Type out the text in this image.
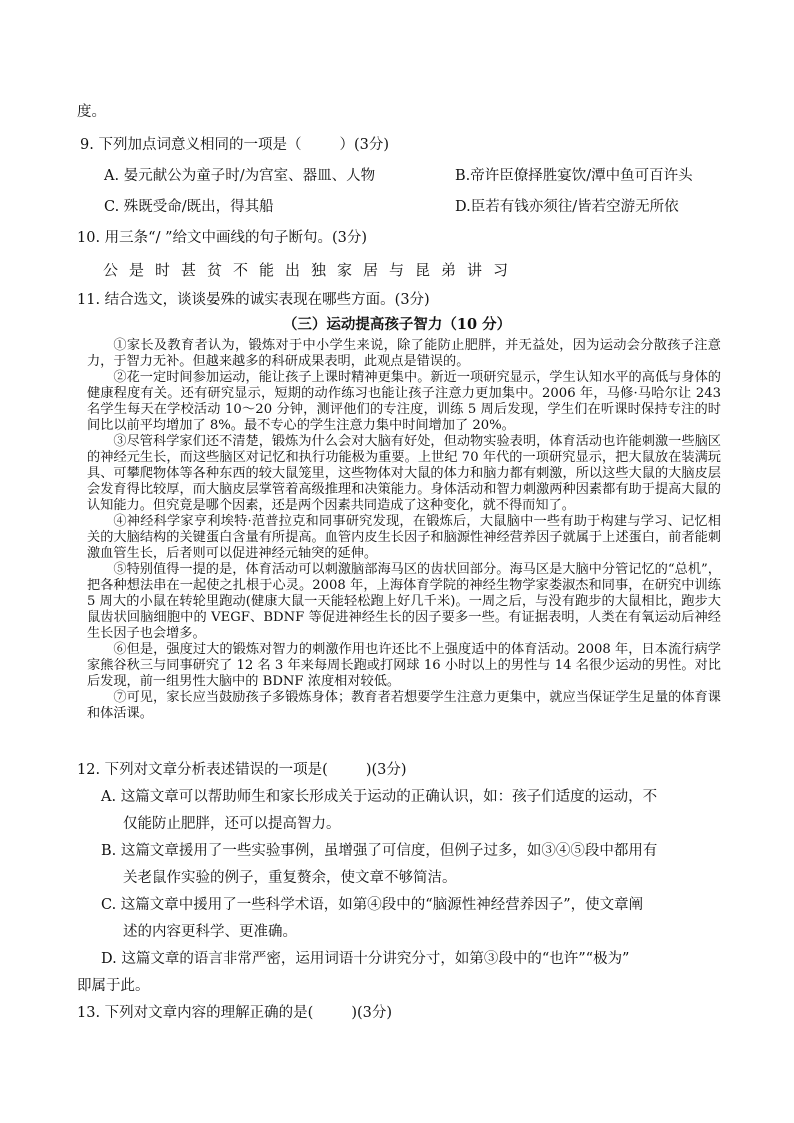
度。
9. 下列加点词意义相同的一项是（	）(3分)
A. 晏元献公为童子时/为宫室、器皿、人物	B.帝许臣僚择胜宴饮/潭中鱼可百许头
C. 殊既受命/既出，得其船	D.臣若有钱亦须往/皆若空游无所依
10. 用三条“/ ”给文中画线的句子断句。(3分)
公是时甚贫不能出独家居与昆弟讲习
11. 结合选文，谈谈晏殊的诚实表现在哪些方面。(3分)
（三）运动提高孩子智力（10 分）

①家长及教育者认为，锻炼对于中小学生来说，除了能防止肥胖，并无益处，因为运动会分散孩子注意力，于智力无补。但越来越多的科研成果表明，此观点是错误的。

②花一定时间参加运动，能让孩子上课时精神更集中。新近一项研究显示，学生认知水平的高低与身体的健康程度有关。还有研究显示，短期的动作练习也能让孩子注意力更加集中。2006 年，马修·马哈尔让 243 名学生每天在学校活动 10～20 分钟，测评他们的专注度，训练 5 周后发现，学生们在听课时保持专注的时间比以前平均增加了 8%。最不专心的学生注意力集中时间增加了 20%。

③尽管科学家们还不清楚，锻炼为什么会对大脑有好处，但动物实验表明，体育活动也许能刺激一些脑区的神经元生长，而这些脑区对记忆和执行功能极为重要。上世纪 70 年代的一项研究显示，把大鼠放在装满玩具、可攀爬物体等各种东西的较大鼠笼里，这些物体对大鼠的体力和脑力都有刺激，所以这些大鼠的大脑皮层会发育得比较厚，而大脑皮层掌管着高级推理和决策能力。身体活动和智力刺激两种因素都有助于提高大鼠的认知能力。但究竟是哪个因素，还是两个因素共同造成了这种变化，就不得而知了。

④神经科学家亨利埃特·范普拉克和同事研究发现，在锻炼后，大鼠脑中一些有助于构建与学习、记忆相关的大脑结构的关键蛋白含量有所提高。血管内皮生长因子和脑源性神经营养因子就属于上述蛋白，前者能刺激血管生长，后者则可以促进神经元轴突的延伸。

⑤特别值得一提的是，体育活动可以刺激脑部海马区的齿状回部分。海马区是大脑中分管记忆的“总机”，把各种想法串在一起使之扎根于心灵。2008 年，上海体育学院的神经生物学家娄淑杰和同事，在研究中训练 5 周大的小鼠在转轮里跑动(健康大鼠一天能轻松跑上好几千米)。一周之后，与没有跑步的大鼠相比，跑步大鼠齿状回脑细胞中的 VEGF、BDNF 等促进神经生长的因子要多一些。有证据表明，人类在有氧运动后神经生长因子也会增多。

⑥但是，强度过大的锻炼对智力的刺激作用也许还比不上强度适中的体育活动。2008 年，日本流行病学家熊谷秋三与同事研究了 12 名 3 年来每周长跑或打网球 16 小时以上的男性与 14 名很少运动的男性。对比后发现，前一组男性大脑中的 BDNF 浓度相对较低。

⑦可见，家长应当鼓励孩子多锻炼身体；教育者若想要学生注意力更集中，就应当保证学生足量的体育课和体活课。

12. 下列对文章分析表述错误的一项是(	)(3分)
A. 这篇文章可以帮助师生和家长形成关于运动的正确认识，如：孩子们适度的运动，不
仅能防止肥胖，还可以提高智力。
B. 这篇文章援用了一些实验事例，虽增强了可信度，但例子过多，如③④⑤段中都用有
关老鼠作实验的例子，重复赘余，使文章不够简洁。
C. 这篇文章中援用了一些科学术语，如第④段中的“脑源性神经营养因子”，使文章阐
述的内容更科学、更准确。
D. 这篇文章的语言非常严密，运用词语十分讲究分寸，如第③段中的“也许”“极为”
即属于此。
13. 下列对文章内容的理解正确的是(	)(3分)
